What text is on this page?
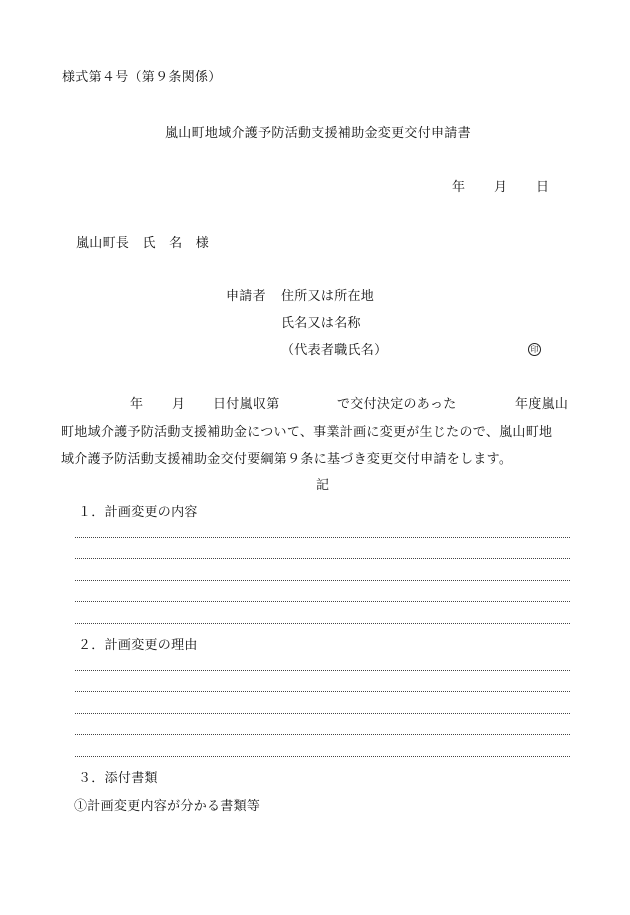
様式第４号（第９条関係）
嵐山町地域介護予防活動支援補助金変更交付申請書
年 月 日
嵐山町長　氏　名　様
申請者 住所又は所在地
氏名又は名称
（代表者職氏名）	印
年 月 日付嵐収第	で交付決定のあった	年度嵐山
町地域介護予防活動支援補助金について、事業計画に変更が生じたので、嵐山町地
域介護予防活動支援補助金交付要綱第９条に基づき変更交付申請をします。
記
１．計画変更の内容
２．計画変更の理由
３．添付書類
①計画変更内容が分かる書類等
